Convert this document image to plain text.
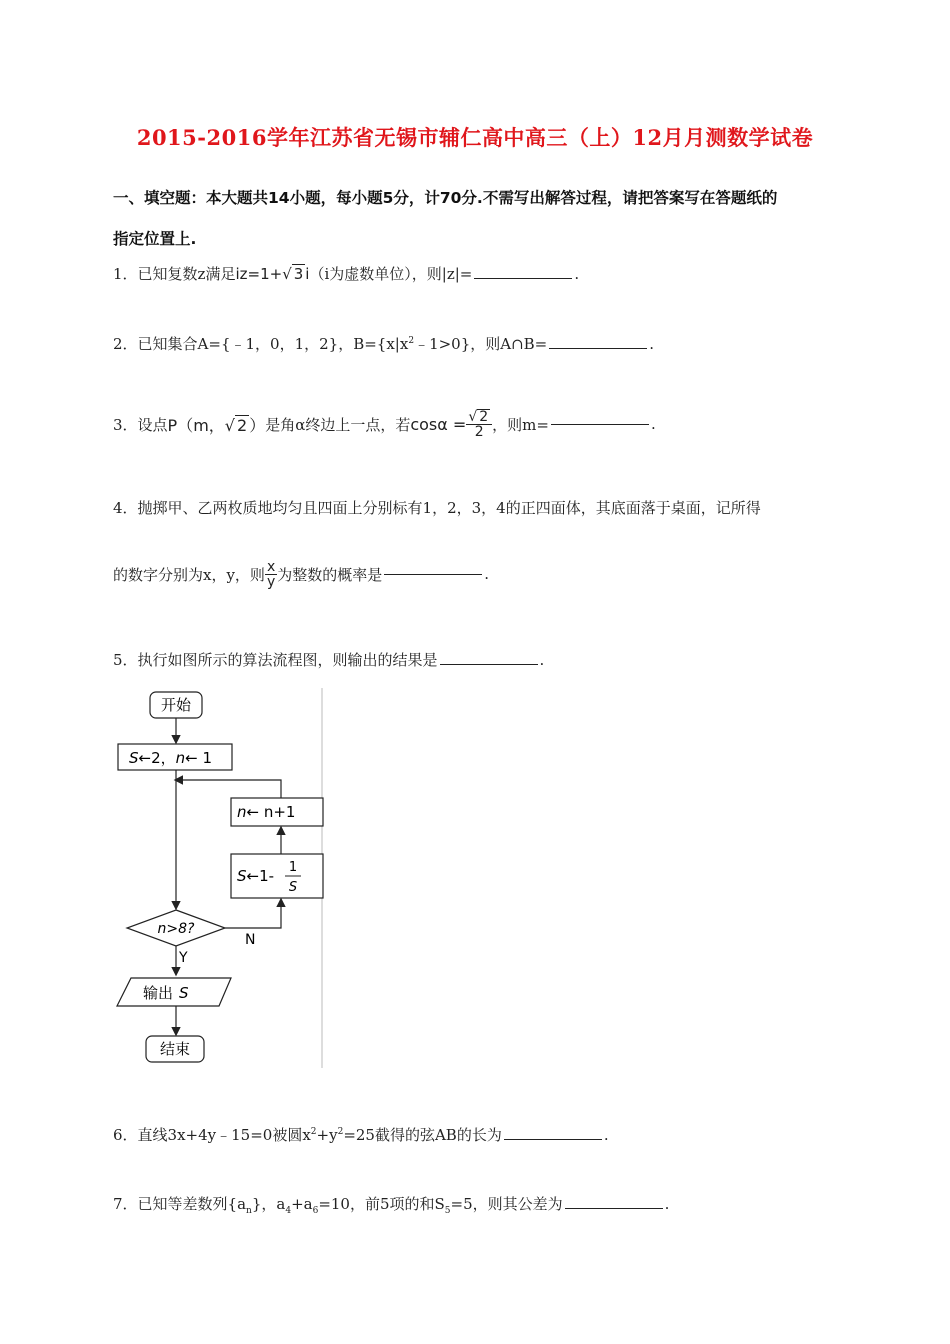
2015-2016学年江苏省无锡市辅仁高中高三（上）12月月测数学试卷
一、填空题：本大题共14小题，每小题5分，计70分.不需写出解答过程，请把答案写在答题纸的
指定位置上.
1．已知复数z满足iz=1+√ 3 i（i为虚数单位），则|z|=	.
2．已知集合A={﹣1，0，1，2}，$B=\{x|x^2﹣1>0\}$，则A∩B=	.
3．设点 P（m，√ 2 ） 是角α终边上一点，若 $\cos\alpha = \frac{√ 2}{2}$ ，则m=	.
4．抛掷甲、乙两枚质地均匀且四面上分别标有1，2，3，4的正四面体，其底面落于桌面，记所得
的数字分别为x，y，则 $\frac{x}{y}$ 为整数的概率是	.
5．执行如图所示的算法流程图，则输出的结果是	.
开始
S←2，n← 1
n← n+1
S←1- 1
S
n>8?
N
Y
输出 S
结束
6．直线3x+4y﹣15=0被圆$x^2+y^2=25$截得的弦AB的长为	.
7．已知等差数列$\{a_n\}$，$a_4+a_6=10$，前5项的和$S_5=5$，则其公差为	.
